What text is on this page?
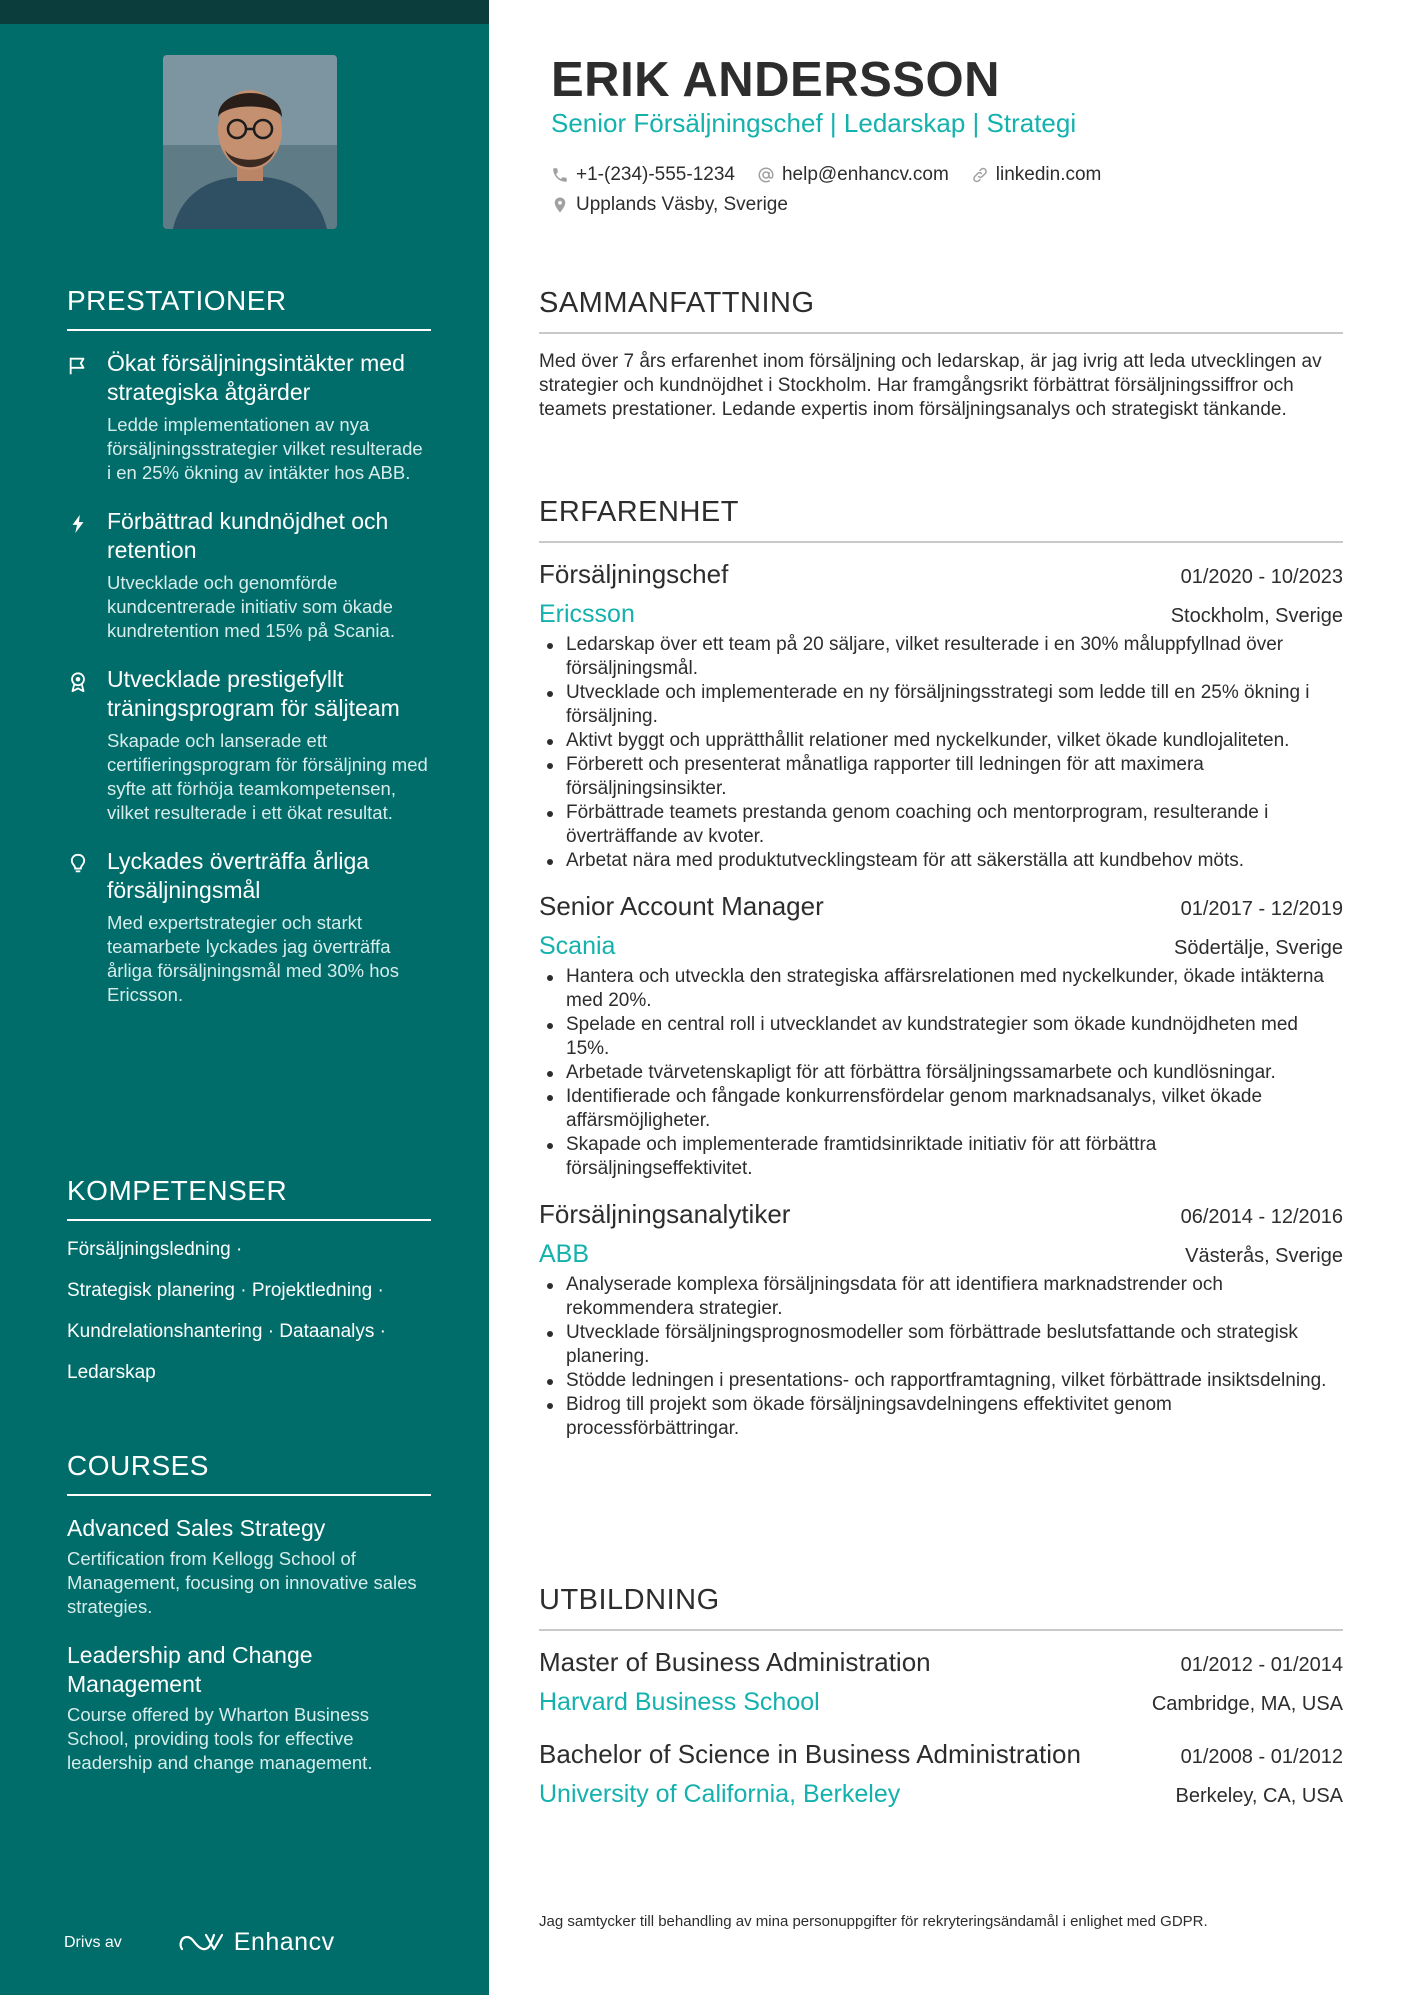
PRESTATIONER
Ökat försäljningsintäkter med strategiska åtgärder
Ledde implementationen av nya försäljningsstrategier vilket resulterade i en 25% ökning av intäkter hos ABB.
Förbättrad kundnöjdhet och retention
Utvecklade och genomförde kundcentrerade initiativ som ökade kundretention med 15% på Scania.
Utvecklade prestigefyllt träningsprogram för säljteam
Skapade och lanserade ett certifieringsprogram för försäljning med syfte att förhöja teamkompetensen, vilket resulterade i ett ökat resultat.
Lyckades överträffa årliga försäljningsmål
Med expertstrategier och starkt teamarbete lyckades jag överträffa årliga försäljningsmål med 30% hos Ericsson.
KOMPETENSER
Försäljningsledning ·
Strategisk planering · Projektledning ·
Kundrelationshantering · Dataanalys ·
Ledarskap
COURSES
Advanced Sales Strategy
Certification from Kellogg School of Management, focusing on innovative sales strategies.
Leadership and Change Management
Course offered by Wharton Business School, providing tools for effective leadership and change management.
Drivs av	Enhancv
ERIK ANDERSSON
Senior Försäljningschef | Ledarskap | Strategi
+1-(234)-555-1234 help@enhancv.com linkedin.com
Upplands Väsby, Sverige
SAMMANFATTNING
Med över 7 års erfarenhet inom försäljning och ledarskap, är jag ivrig att leda utvecklingen av strategier och kundnöjdhet i Stockholm. Har framgångsrikt förbättrat försäljningssiffror och teamets prestationer. Ledande expertis inom försäljningsanalys och strategiskt tänkande.
ERFARENHET
Försäljningschef	01/2020 - 10/2023
Ericsson	Stockholm, Sverige
Ledarskap över ett team på 20 säljare, vilket resulterade i en 30% måluppfyllnad över försäljningsmål.
Utvecklade och implementerade en ny försäljningsstrategi som ledde till en 25% ökning i försäljning.
Aktivt byggt och upprätthållit relationer med nyckelkunder, vilket ökade kundlojaliteten.
Förberett och presenterat månatliga rapporter till ledningen för att maximera försäljningsinsikter.
Förbättrade teamets prestanda genom coaching och mentorprogram, resulterande i överträffande av kvoter.
Arbetat nära med produktutvecklingsteam för att säkerställa att kundbehov möts.
Senior Account Manager	01/2017 - 12/2019
Scania	Södertälje, Sverige
Hantera och utveckla den strategiska affärsrelationen med nyckelkunder, ökade intäkterna med 20%.
Spelade en central roll i utvecklandet av kundstrategier som ökade kundnöjdheten med 15%.
Arbetade tvärvetenskapligt för att förbättra försäljningssamarbete och kundlösningar.
Identifierade och fångade konkurrensfördelar genom marknadsanalys, vilket ökade affärsmöjligheter.
Skapade och implementerade framtidsinriktade initiativ för att förbättra försäljningseffektivitet.
Försäljningsanalytiker	06/2014 - 12/2016
ABB	Västerås, Sverige
Analyserade komplexa försäljningsdata för att identifiera marknadstrender och rekommendera strategier.
Utvecklade försäljningsprognosmodeller som förbättrade beslutsfattande och strategisk planering.
Stödde ledningen i presentations- och rapportframtagning, vilket förbättrade insiktsdelning.
Bidrog till projekt som ökade försäljningsavdelningens effektivitet genom processförbättringar.
UTBILDNING
Master of Business Administration	01/2012 - 01/2014
Harvard Business School	Cambridge, MA, USA
Bachelor of Science in Business Administration	01/2008 - 01/2012
University of California, Berkeley	Berkeley, CA, USA
Jag samtycker till behandling av mina personuppgifter för rekryteringsändamål i enlighet med GDPR.
